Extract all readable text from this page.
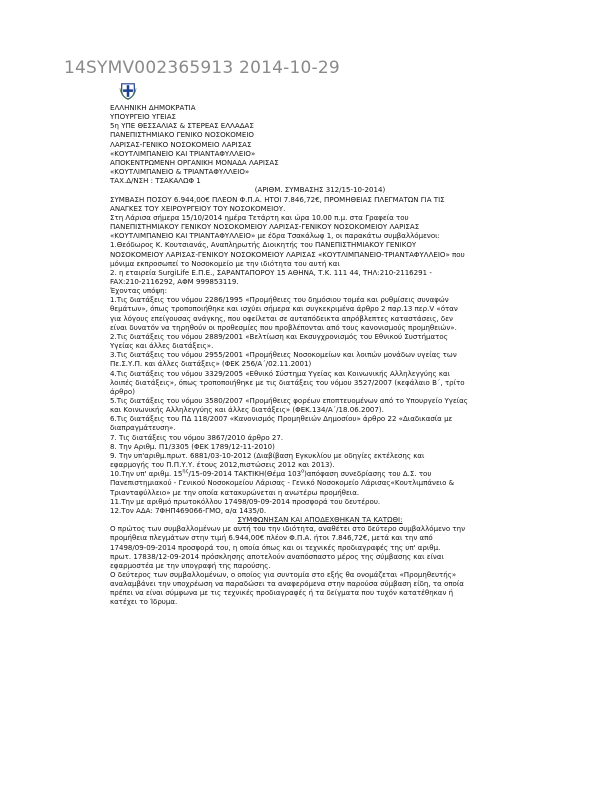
14SYMV002365913 2014-10-29
ΕΛΛΗΝΙΚΗ ΔΗΜΟΚΡΑΤΙΑ
ΥΠΟΥΡΓΕΙΟ ΥΓΕΙΑΣ
5η ΥΠΕ ΘΕΣΣΑΛΙΑΣ & ΣΤΕΡΕΑΣ ΕΛΛΑΔΑΣ
ΠΑΝΕΠΙΣΤΗΜΙΑΚΟ ΓΕΝΙΚΟ ΝΟΣΟΚΟΜΕΙΟ
ΛΑΡΙΣΑΣ-ΓΕΝΙΚΟ ΝΟΣΟΚΟΜΕΙΟ ΛΑΡΙΣΑΣ
«ΚΟΥΤΛΙΜΠΑΝΕΙΟ ΚΑΙ ΤΡΙΑΝΤΑΦΥΛΛΕΙΟ»
ΑΠΟΚΕΝΤΡΩΜΕΝΗ ΟΡΓΑΝΙΚΗ ΜΟΝΑΔΑ ΛΑΡΙΣΑΣ
«ΚΟΥΤΛΙΜΠΑΝΕΙΟ & ΤΡΙΑΝΤΑΦΥΛΛΕΙΟ»
ΤΑΧ.Δ/ΝΣΗ : ΤΣΑΚΑΛΩΦ 1
(ΑΡΙΘΜ. ΣΥΜΒΑΣΗΣ 312/15-10-2014)
ΣΥΜΒΑΣΗ ΠΟΣΟΥ 6.944,00€ ΠΛΕΟΝ Φ.Π.Α. ΗΤΟΙ 7.846,72€, ΠΡΟΜΗΘΕΙΑΣ ΠΛΕΓΜΑΤΩΝ ΓΙΑ ΤΙΣ
ΑΝΑΓΚΕΣ ΤΟΥ ΧΕΙΡΟΥΡΓΕΙΟΥ ΤΟΥ ΝΟΣΟΚΟΜΕΙΟΥ.
Στη Λάρισα σήμερα 15/10/2014 ημέρα Τετάρτη και ώρα 10.00 π.μ. στα Γραφεία του
ΠΑΝΕΠΙΣΤΗΜΙΑΚΟΥ ΓΕΝΙΚΟΥ ΝΟΣΟΚΟΜΕΙΟΥ ΛΑΡΙΣΑΣ-ΓΕΝΙΚΟΥ ΝΟΣΟΚΟΜΕΙΟΥ ΛΑΡΙΣΑΣ
«ΚΟΥΤΛΙΜΠΑΝΕΙΟ ΚΑΙ ΤΡΙΑΝΤΑΦΥΛΛΕΙΟ» με έδρα Τσακάλωφ 1, οι παρακάτω συμβαλλόμενοι:
1.Θεόδωρος Κ. Κουτσιανάς, Αναπληρωτής Διοικητής του ΠΑΝΕΠΙΣΤΗΜΙΑΚΟΥ ΓΕΝΙΚΟΥ
ΝΟΣΟΚΟΜΕΙΟΥ ΛΑΡΙΣΑΣ-ΓΕΝΙΚΟΥ ΝΟΣΟΚΟΜΕΙΟΥ ΛΑΡΙΣΑΣ «ΚΟΥΤΛΙΜΠΑΝΕΙΟ-ΤΡΙΑΝΤΑΦΥΛΛΕΙΟ» που
μόνιμα εκπροσωπεί το Νοσοκομείο με την ιδιότητα του αυτή και
2. η εταιρεία SurgiLife Ε.Π.Ε., ΣΑΡΑΝΤΑΠΟΡΟΥ 15 ΑΘΗΝΑ, Τ.Κ. 111 44, ΤΗΛ:210-2116291 -
FAX:210-2116292, ΑΦΜ 999853119.
Έχοντας υπόψη:
1.Τις διατάξεις του νόμου 2286/1995 «Προμήθειες του δημόσιου τομέα και ρυθμίσεις συναφών
θεμάτων», όπως τροποποιήθηκε και ισχύει σήμερα και συγκεκριμένα άρθρο 2 παρ.13 περ.V «όταν
για λόγους επείγουσας ανάγκης, που οφείλεται σε αυταπόδεικτα απρόβλεπτες καταστάσεις, δεν
είναι δυνατόν να τηρηθούν οι προθεσμίες που προβλέπονται από τους κανονισμούς προμηθειών».
2.Τις διατάξεις του νόμου 2889/2001 «Βελτίωση και Εκσυγχρονισμός του Εθνικού Συστήματος
Υγείας και άλλες διατάξεις».
3.Τις διατάξεις του νόμου 2955/2001 «Προμήθειες Νοσοκομείων και λοιπών μονάδων υγείας των
Πε.Σ.Υ.Π. και άλλες διατάξεις» (ΦΕΚ 256/Α΄/02.11.2001)
4.Τις διατάξεις του νόμου 3329/2005 «Εθνικό Σύστημα Υγείας και Κοινωνικής Αλληλεγγύης και
λοιπές διατάξεις», όπως τροποποιήθηκε με τις διατάξεις του νόμου 3527/2007 (κεφάλαιο Β΄, τρίτο
άρθρο)
5.Τις διατάξεις του νόμου 3580/2007 «Προμήθειες φορέων εποπτευομένων από το Υπουργείο Υγείας
και Κοινωνικής Αλληλεγγύης και άλλες διατάξεις» (ΦΕΚ.134/Α΄/18.06.2007).
6.Τις διατάξεις του ΠΔ 118/2007 «Κανονισμός Προμηθειών Δημοσίου» άρθρο 22 «Διαδικασία με
διαπραγμάτευση».
7. Τις διατάξεις του νόμου 3867/2010 άρθρο 27.
8. Την Αριθμ. Π1/3305 (ΦΕΚ 1789/12-11-2010)
9. Την υπ'αριθμ.πρωτ. 6881/03-10-2012 (Διαβίβαση Εγκυκλίου με οδηγίες εκτέλεσης και
εφαρμογής του Π.Π.Υ.Υ. έτους 2012,πιστώσεις 2012 και 2013).
10.Την υπ' αριθμ. $15^{\eta\varsigma}/15-09-2014$ ΤΑΚΤΙΚΗ(Θέμα $103^o)\alpha\pi ό\varphi\alpha\sigma\eta$ συνεδρίασης του Δ.Σ. του
Πανεπιστημιακού - Γενικού Νοσοκομείου Λάρισας - Γενικό Νοσοκομείο Λάρισας«Κουτλιμπάνειο &
Τριανταφύλλειο» με την οποία κατακυρώνεται η ανωτέρω προμήθεια.
11.Την με αριθμό πρωτοκόλλου 17498/09-09-2014 προσφορά του δευτέρου.
12.Τον ΑΔΑ: 7ΦΗΠ469066-ΓΜΟ, α/α 1435/0.
ΣΥΜΦΩΝΗΣΑΝ ΚΑΙ ΑΠΟΔΕΧΘΗΚΑΝ ΤΑ ΚΑΤΩΘΙ:
Ο πρώτος των συμβαλλομένων με αυτή του την ιδιότητα, αναθέτει στο δεύτερο συμβαλλόμενο την
προμήθεια πλεγμάτων στην τιμή 6.944,00€ πλέον Φ.Π.Α. ήτοι 7.846,72€, μετά και την από
17498/09-09-2014 προσφορά του, η οποία όπως και οι τεχνικές προδιαγραφές της υπ' αριθμ.
πρωτ. 17838/12-09-2014 πρόσκλησης αποτελούν αναπόσπαστο μέρος της σύμβασης και είναι
εφαρμοστέα με την υπογραφή της παρούσης.
Ο δεύτερος των συμβαλλομένων, ο οποίος για συντομία στο εξής θα ονομάζεται «Προμηθευτής»
αναλαμβάνει την υποχρέωση να παραδώσει τα αναφερόμενα στην παρούσα σύμβαση είδη, τα οποία
πρέπει να είναι σύμφωνα με τις τεχνικές προδιαγραφές ή τα δείγματα που τυχόν κατατέθηκαν ή
κατέχει το Ίδρυμα.
